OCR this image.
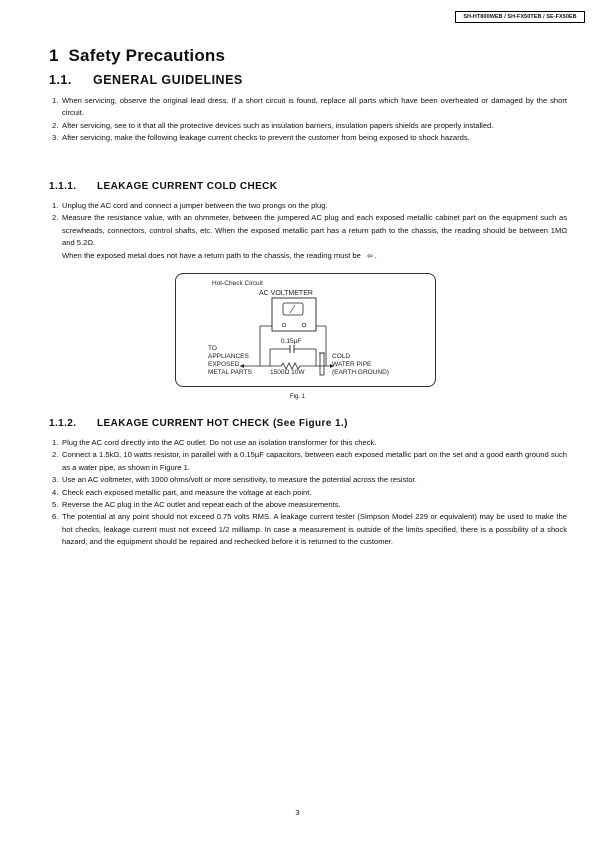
SH-HT800WEB / SH-FX50TEB / SE-FX50EB
1 Safety Precautions
1.1. GENERAL GUIDELINES
1. When servicing, observe the original lead dress. If a short circuit is found, replace all parts which have been overheated or damaged by the short circuit.
2. After servicing, see to it that all the protective devices such as insulation barriers, insulation papers shields are properly installed.
3. After servicing, make the following leakage current checks to prevent the customer from being exposed to shock hazards.
1.1.1. LEAKAGE CURRENT COLD CHECK
1. Unplug the AC cord and connect a jumper between the two prongs on the plug.
2. Measure the resistance value, with an ohmmeter, between the jumpered AC plug and each exposed metallic cabinet part on the equipment such as screwheads, connectors, control shafts, etc. When the exposed metallic part has a return path to the chassis, the reading should be between 1MΩ and 5.2Ω.
When the exposed metal does not have a return path to the chassis, the reading must be ∞ .
Hot-Check Circuit
AC VOLTMETER
0.15µF
TO
APPLIANCES
EXPOSED
METAL PARTS	1500Ω 10W
COLD
WATER PIPE
(EARTH GROUND)
Fig. 1
1.1.2. LEAKAGE CURRENT HOT CHECK (See Figure 1.)
1. Plug the AC cord directly into the AC outlet. Do not use an isolation transformer for this check.
2. Connect a 1.5kΩ, 10 watts resistor, in parallel with a 0.15µF capacitors, between each exposed metallic part on the set and a good earth ground such as a water pipe, as shown in Figure 1.
3. Use an AC voltmeter, with 1000 ohms/volt or more sensitivity, to measure the potential across the resistor.
4. Check each exposed metallic part, and measure the voltage at each point.
5. Reverse the AC plug in the AC outlet and repeat each of the above measurements.
6. The potential at any point should not exceed 0.75 volts RMS. A leakage current tester (Simpson Model 229 or equivalent) may be used to make the hot checks, leakage current must not exceed 1/2 milliamp. In case a measurement is outside of the limits specified, there is a possibility of a shock hazard, and the equipment should be repaired and rechecked before it is returned to the customer.
3
